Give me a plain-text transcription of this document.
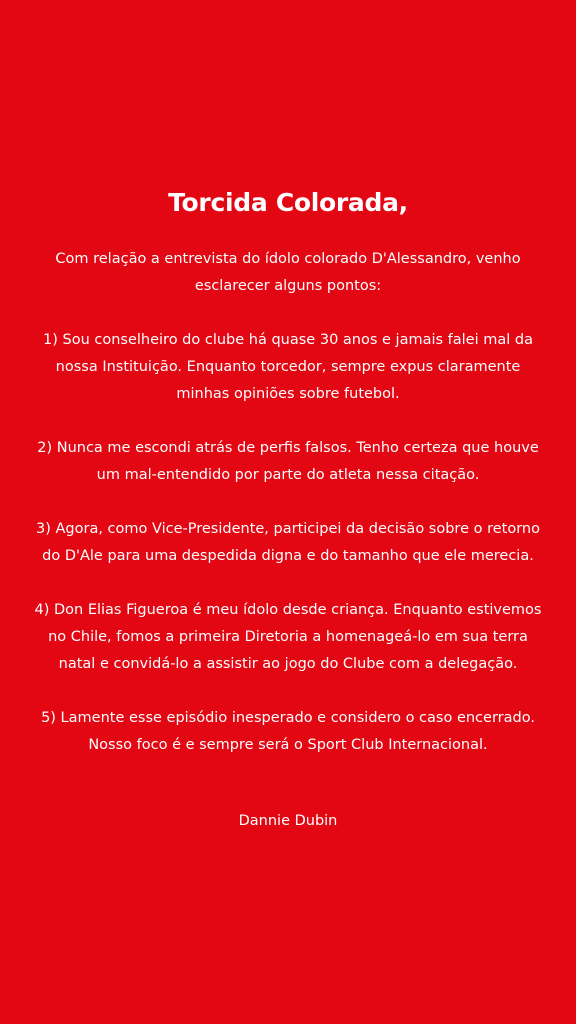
Torcida Colorada,

Com relação a entrevista do ídolo colorado D'Alessandro, venho
esclarecer alguns pontos:

1) Sou conselheiro do clube há quase 30 anos e jamais falei mal da
nossa Instituição. Enquanto torcedor, sempre expus claramente
minhas opiniões sobre futebol.

2) Nunca me escondi atrás de perfis falsos. Tenho certeza que houve
um mal-entendido por parte do atleta nessa citação.

3) Agora, como Vice-Presidente, participei da decisão sobre o retorno
do D'Ale para uma despedida digna e do tamanho que ele merecia.

4) Don Elias Figueroa é meu ídolo desde criança. Enquanto estivemos
no Chile, fomos a primeira Diretoria a homenageá-lo em sua terra
natal e convidá-lo a assistir ao jogo do Clube com a delegação.

5) Lamente esse episódio inesperado e considero o caso encerrado.
Nosso foco é e sempre será o Sport Club Internacional.

Dannie Dubin
